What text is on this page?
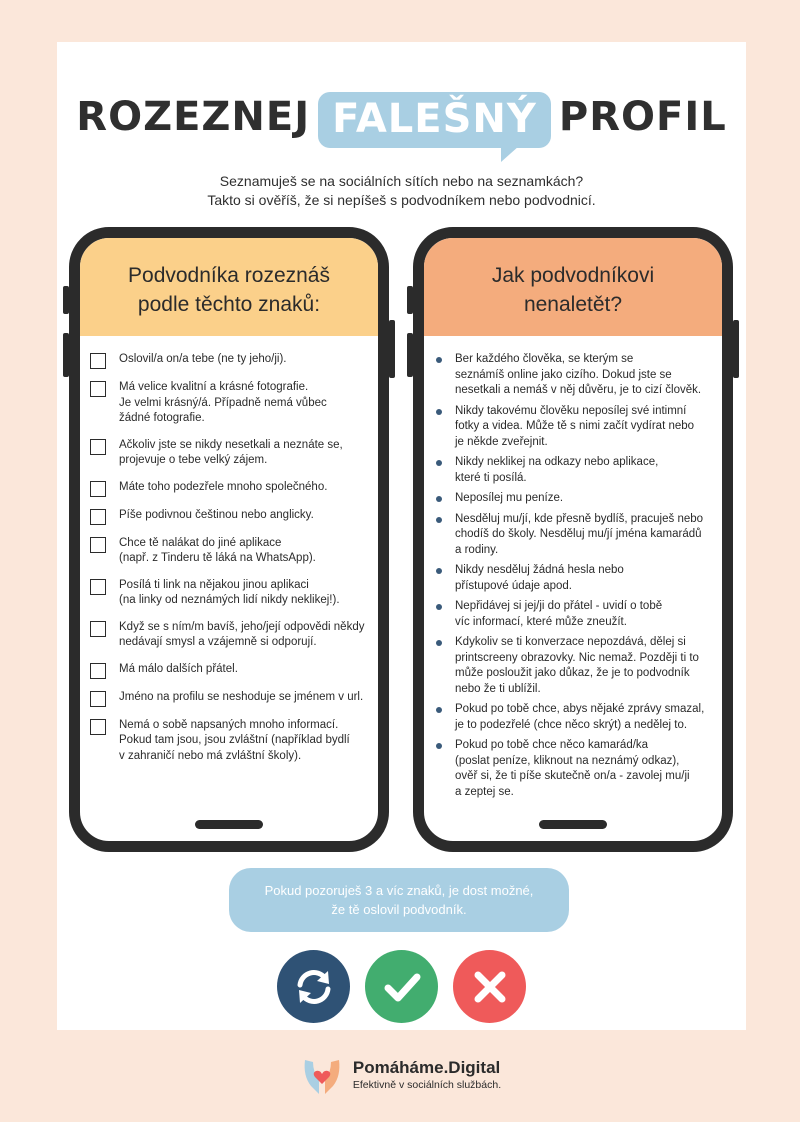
ROZEZNEJ FALEŠNÝ PROFIL
Seznamuješ se na sociálních sítích nebo na seznamkách?
Takto si ověříš, že si nepíšeš s podvodníkem nebo podvodnicí.
Podvodníka rozeznáš
podle těchto znaků:
Oslovil/a on/a tebe (ne ty jeho/ji).
Má velice kvalitní a krásné fotografie.
Je velmi krásný/á. Případně nemá vůbec
žádné fotografie.
Ačkoliv jste se nikdy nesetkali a neznáte se,
projevuje o tebe velký zájem.
Máte toho podezřele mnoho společného.
Píše podivnou češtinou nebo anglicky.
Chce tě nalákat do jiné aplikace
(např. z Tinderu tě láká na WhatsApp).
Posílá ti link na nějakou jinou aplikaci
(na linky od neznámých lidí nikdy neklikej!).
Když se s ním/m bavíš, jeho/její odpovědi někdy
nedávají smysl a vzájemně si odporují.
Má málo dalších přátel.
Jméno na profilu se neshoduje se jménem v url.
Nemá o sobě napsaných mnoho informací.
Pokud tam jsou, jsou zvláštní (například bydlí
v zahraničí nebo má zvláštní školy).
Jak podvodníkovi
nenaletět?
Ber každého člověka, se kterým se
seznámíš online jako cizího. Dokud jste se
nesetkali a nemáš v něj důvěru, je to cizí člověk.
Nikdy takovému člověku neposílej své intimní
fotky a videa. Může tě s nimi začít vydírat nebo
je někde zveřejnit.
Nikdy neklikej na odkazy nebo aplikace,
které ti posílá.
Neposílej mu peníze.
Nesděluj mu/jí, kde přesně bydlíš, pracuješ nebo
chodíš do školy. Nesděluj mu/jí jména kamarádů
a rodiny.
Nikdy nesděluj žádná hesla nebo
přístupové údaje apod.
Nepřidávej si jej/ji do přátel - uvidí o tobě
víc informací, které může zneužít.
Kdykoliv se ti konverzace nepozdává, dělej si
printscreeny obrazovky. Nic nemaž. Později ti to
může posloužit jako důkaz, že je to podvodník
nebo že ti ublížil.
Pokud po tobě chce, abys nějaké zprávy smazal,
je to podezřelé (chce něco skrýt) a nedělej to.
Pokud po tobě chce něco kamarád/ka
(poslat peníze, kliknout na neznámý odkaz),
ověř si, že ti píše skutečně on/a - zavolej mu/ji
a zeptej se.
Pokud pozoruješ 3 a víc znaků, je dost možné,
že tě oslovil podvodník.
Pomáháme.Digital
Efektivně v sociálních službách.
